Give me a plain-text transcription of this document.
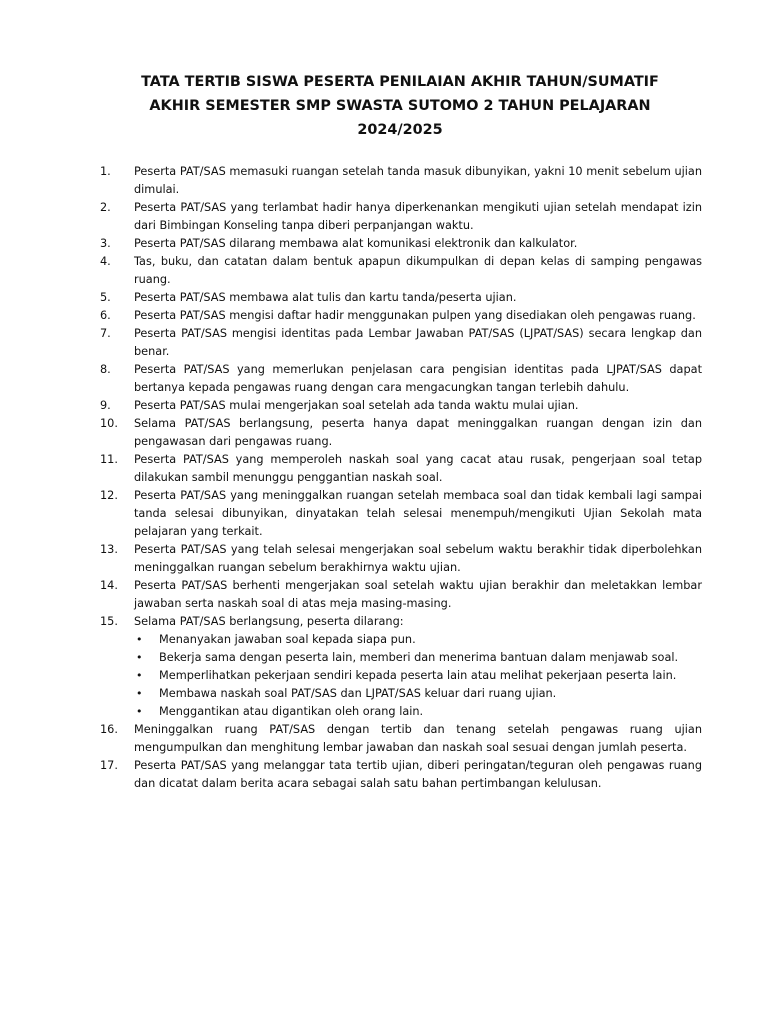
TATA TERTIB SISWA PESERTA PENILAIAN AKHIR TAHUN/SUMATIF
AKHIR SEMESTER SMP SWASTA SUTOMO 2 TAHUN PELAJARAN
2024/2025
1.	Peserta PAT/SAS memasuki ruangan setelah tanda masuk dibunyikan, yakni 10 menit sebelum ujian dimulai.
2.	Peserta PAT/SAS yang terlambat hadir hanya diperkenankan mengikuti ujian setelah mendapat izin dari Bimbingan Konseling tanpa diberi perpanjangan waktu.
3.	Peserta PAT/SAS dilarang membawa alat komunikasi elektronik dan kalkulator.
4.	Tas, buku, dan catatan dalam bentuk apapun dikumpulkan di depan kelas di samping pengawas ruang.
5.	Peserta PAT/SAS membawa alat tulis dan kartu tanda/peserta ujian.
6.	Peserta PAT/SAS mengisi daftar hadir menggunakan pulpen yang disediakan oleh pengawas ruang.
7.	Peserta PAT/SAS mengisi identitas pada Lembar Jawaban PAT/SAS (LJPAT/SAS) secara lengkap dan benar.
8.	Peserta PAT/SAS yang memerlukan penjelasan cara pengisian identitas pada LJPAT/SAS dapat bertanya kepada pengawas ruang dengan cara mengacungkan tangan terlebih dahulu.
9.	Peserta PAT/SAS mulai mengerjakan soal setelah ada tanda waktu mulai ujian.
10.	Selama PAT/SAS berlangsung, peserta hanya dapat meninggalkan ruangan dengan izin dan pengawasan dari pengawas ruang.
11.	Peserta PAT/SAS yang memperoleh naskah soal yang cacat atau rusak, pengerjaan soal tetap dilakukan sambil menunggu penggantian naskah soal.
12.	Peserta PAT/SAS yang meninggalkan ruangan setelah membaca soal dan tidak kembali lagi sampai tanda selesai dibunyikan, dinyatakan telah selesai menempuh/mengikuti Ujian Sekolah mata pelajaran yang terkait.
13.	Peserta PAT/SAS yang telah selesai mengerjakan soal sebelum waktu berakhir tidak diperbolehkan meninggalkan ruangan sebelum berakhirnya waktu ujian.
14.	Peserta PAT/SAS berhenti mengerjakan soal setelah waktu ujian berakhir dan meletakkan lembar jawaban serta naskah soal di atas meja masing-masing.
15.	Selama PAT/SAS berlangsung, peserta dilarang:
• Menanyakan jawaban soal kepada siapa pun.
• Bekerja sama dengan peserta lain, memberi dan menerima bantuan dalam menjawab soal.
• Memperlihatkan pekerjaan sendiri kepada peserta lain atau melihat pekerjaan peserta lain.
• Membawa naskah soal PAT/SAS dan LJPAT/SAS keluar dari ruang ujian.
• Menggantikan atau digantikan oleh orang lain.
16.	Meninggalkan ruang PAT/SAS dengan tertib dan tenang setelah pengawas ruang ujian mengumpulkan dan menghitung lembar jawaban dan naskah soal sesuai dengan jumlah peserta.
17.	Peserta PAT/SAS yang melanggar tata tertib ujian, diberi peringatan/teguran oleh pengawas ruang dan dicatat dalam berita acara sebagai salah satu bahan pertimbangan kelulusan.
